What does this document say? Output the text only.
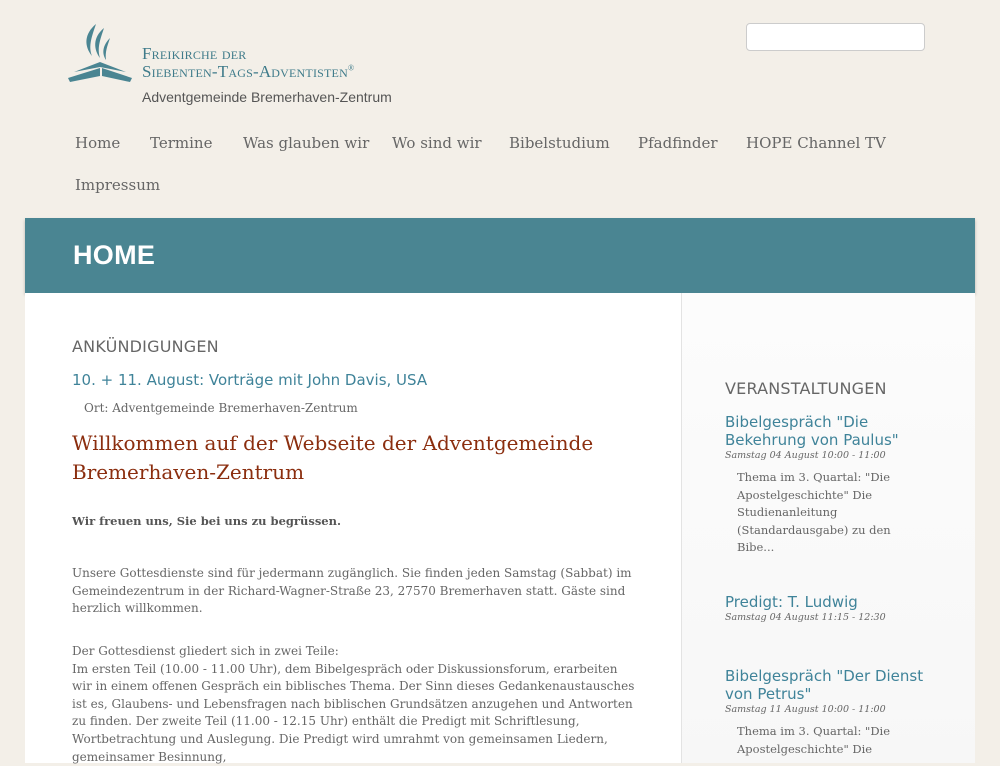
Freikirche der
Siebenten-Tags-Adventisten®
Adventgemeinde Bremerhaven-Zentrum
Home	Termine	Was glauben wir	Wo sind wir	Bibelstudium	Pfadfinder	HOPE Channel TV
Impressum
HOME
ANKÜNDIGUNGEN
10. + 11. August: Vorträge mit John Davis, USA
Ort: Adventgemeinde Bremerhaven-Zentrum
Willkommen auf der Webseite der Adventgemeinde Bremerhaven-Zentrum
Wir freuen uns, Sie bei uns zu begrüssen.

Unsere Gottesdienste sind für jedermann zugänglich. Sie finden jeden Samstag (Sabbat) im Gemeindezentrum in der Richard-Wagner-Straße 23, 27570 Bremerhaven statt. Gäste sind herzlich willkommen.

Der Gottesdienst gliedert sich in zwei Teile:
Im ersten Teil (10.00 - 11.00 Uhr), dem Bibelgespräch oder Diskussionsforum, erarbeiten wir in einem offenen Gespräch ein biblisches Thema. Der Sinn dieses Gedankenaustausches ist es, Glaubens- und Lebensfragen nach biblischen Grundsätzen anzugehen und Antworten zu finden. Der zweite Teil (11.00 - 12.15 Uhr) enthält die Predigt mit Schriftlesung, Wortbetrachtung und Auslegung. Die Predigt wird umrahmt von gemeinsamen Liedern, gemeinsamer Besinnung,

VERANSTALTUNGEN
Bibelgespräch "Die Bekehrung von Paulus"
Samstag 04 August 10:00 - 11:00
Thema im 3. Quartal: "Die Apostelgeschichte" Die Studienanleitung (Standardausgabe) zu den Bibe...
Predigt: T. Ludwig
Samstag 04 August 11:15 - 12:30
Bibelgespräch "Der Dienst von Petrus"
Samstag 11 August 10:00 - 11:00
Thema im 3. Quartal: "Die Apostelgeschichte" Die
